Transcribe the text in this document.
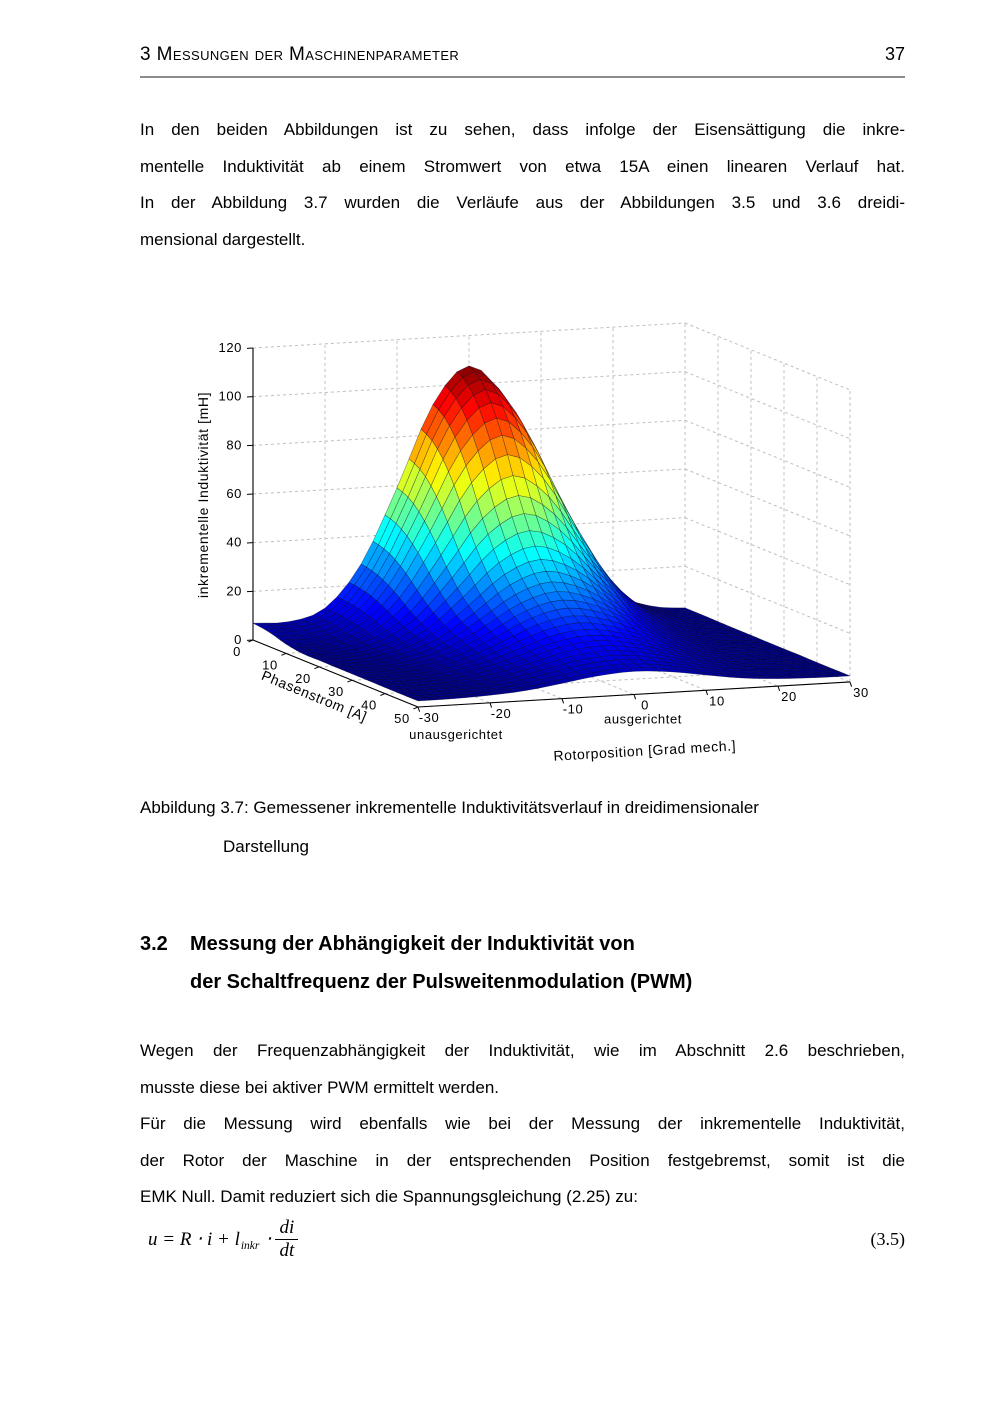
3 Messungen der Maschinenparameter	37
In den beiden Abbildungen ist zu sehen, dass infolge der Eisensättigung die inkre-
mentelle Induktivität ab einem Stromwert von etwa 15A einen linearen Verlauf hat.
In der Abbildung 3.7 wurden die Verläufe aus der Abbildungen 3.5 und 3.6 dreidi-
mensional dargestellt.
Abbildung 3.7: Gemessener inkrementelle Induktivitätsverlauf in dreidimensionaler
Darstellung
3.2	Messung der Abhängigkeit der Induktivität von
der Schaltfrequenz der Pulsweitenmodulation (PWM)
Wegen der Frequenzabhängigkeit der Induktivität, wie im Abschnitt 2.6 beschrieben,
musste diese bei aktiver PWM ermittelt werden.
Für die Messung wird ebenfalls wie bei der Messung der inkrementelle Induktivität,
der Rotor der Maschine in der entsprechenden Position festgebremst, somit ist die
EMK Null. Damit reduziert sich die Spannungsgleichung (2.25) zu:
u = R ⋅ i + l inkr ⋅ $\frac{di}{dt}$	(3.5)
